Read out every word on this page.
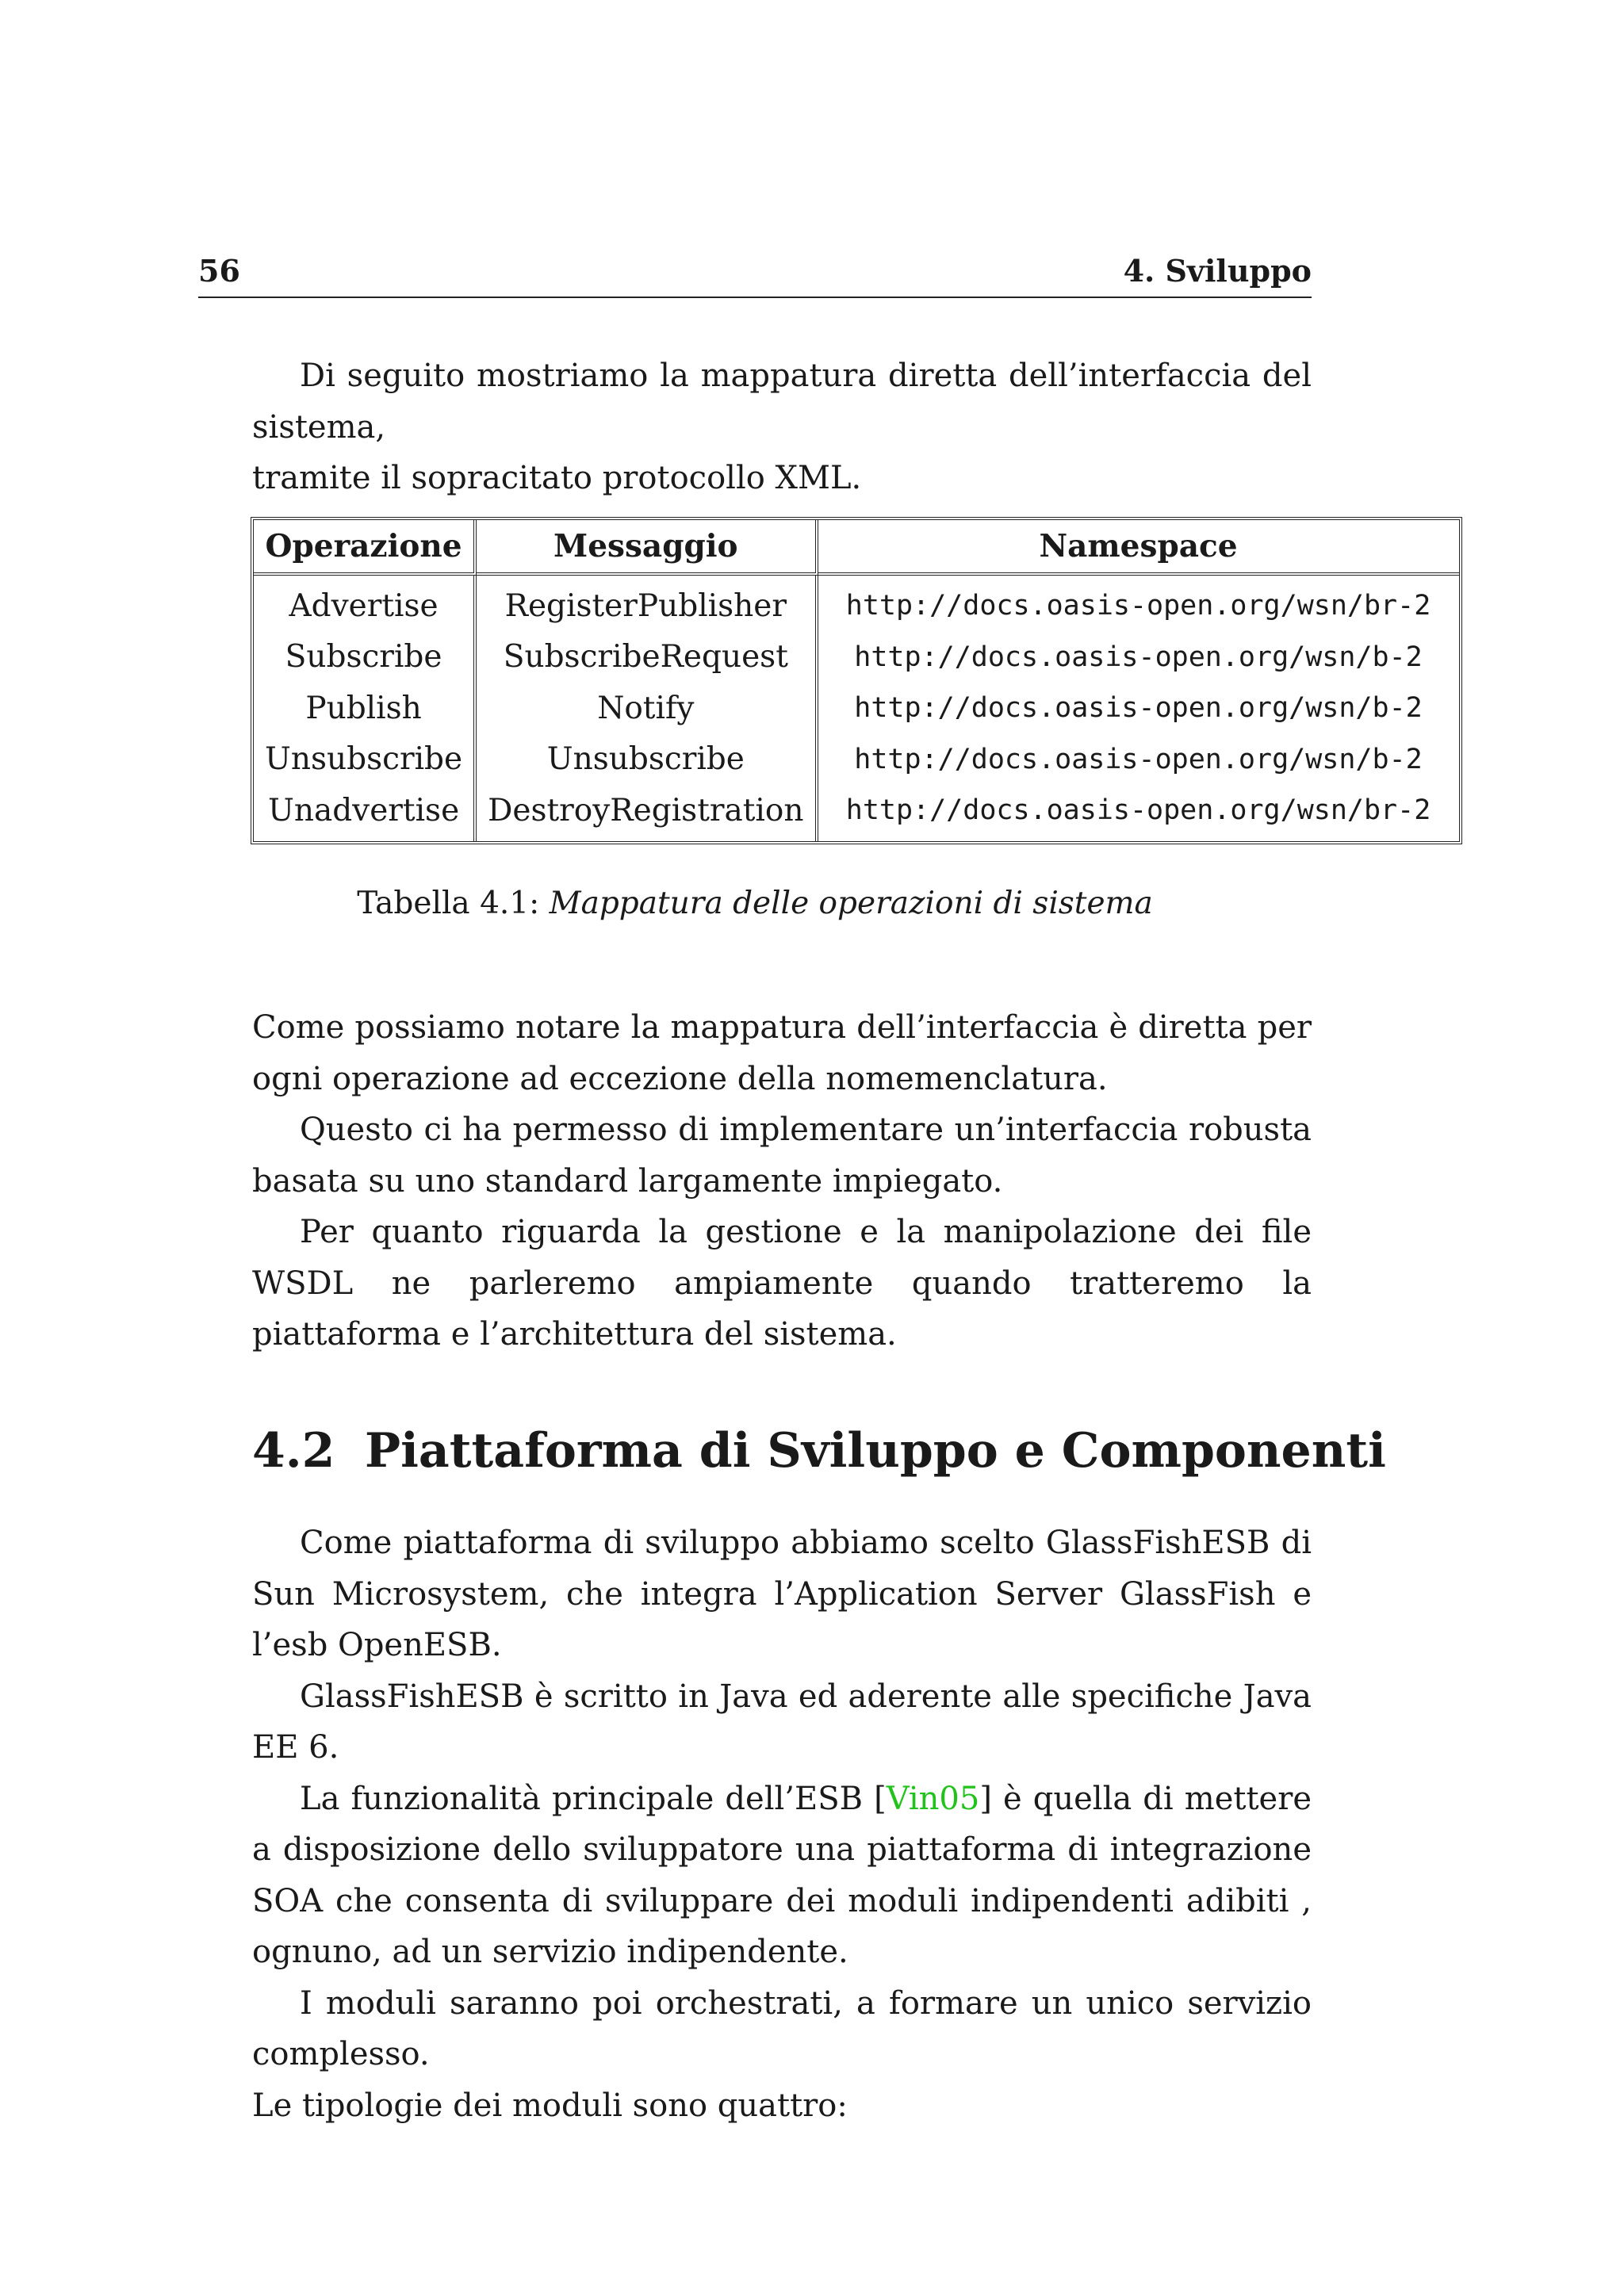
56	4. Sviluppo

Di seguito mostriamo la mappatura diretta dell’interfaccia del sistema,

tramite il sopracitato protocollo XML.

Operazione	Messaggio	Namespace
Advertise	RegisterPublisher	http://docs.oasis-open.org/wsn/br-2
Subscribe	SubscribeRequest	http://docs.oasis-open.org/wsn/b-2
Publish	Notify	http://docs.oasis-open.org/wsn/b-2
Unsubscribe	Unsubscribe	http://docs.oasis-open.org/wsn/b-2
Unadvertise	DestroyRegistration	http://docs.oasis-open.org/wsn/br-2
Tabella 4.1: Mappatura delle operazioni di sistema

Come possiamo notare la mappatura dell’interfaccia è diretta per ogni operazione ad eccezione della nomemenclatura.

Questo ci ha permesso di implementare un’interfaccia robusta basata su uno standard largamente impiegato.

Per quanto riguarda la gestione e la manipolazione dei file WSDL ne parleremo ampiamente quando tratteremo la piattaforma e l’architettura del sistema.

4.2 Piattaforma di Sviluppo e Componenti

Come piattaforma di sviluppo abbiamo scelto GlassFishESB di Sun Microsystem, che integra l’Application Server GlassFish e l’esb OpenESB.

GlassFishESB è scritto in Java ed aderente alle specifiche Java EE 6.

La funzionalità principale dell’ESB [Vin05] è quella di mettere a disposizione dello sviluppatore una piattaforma di integrazione SOA che consenta di sviluppare dei moduli indipendenti adibiti , ognuno, ad un servizio indipendente.

I moduli saranno poi orchestrati, a formare un unico servizio complesso.

Le tipologie dei moduli sono quattro:
